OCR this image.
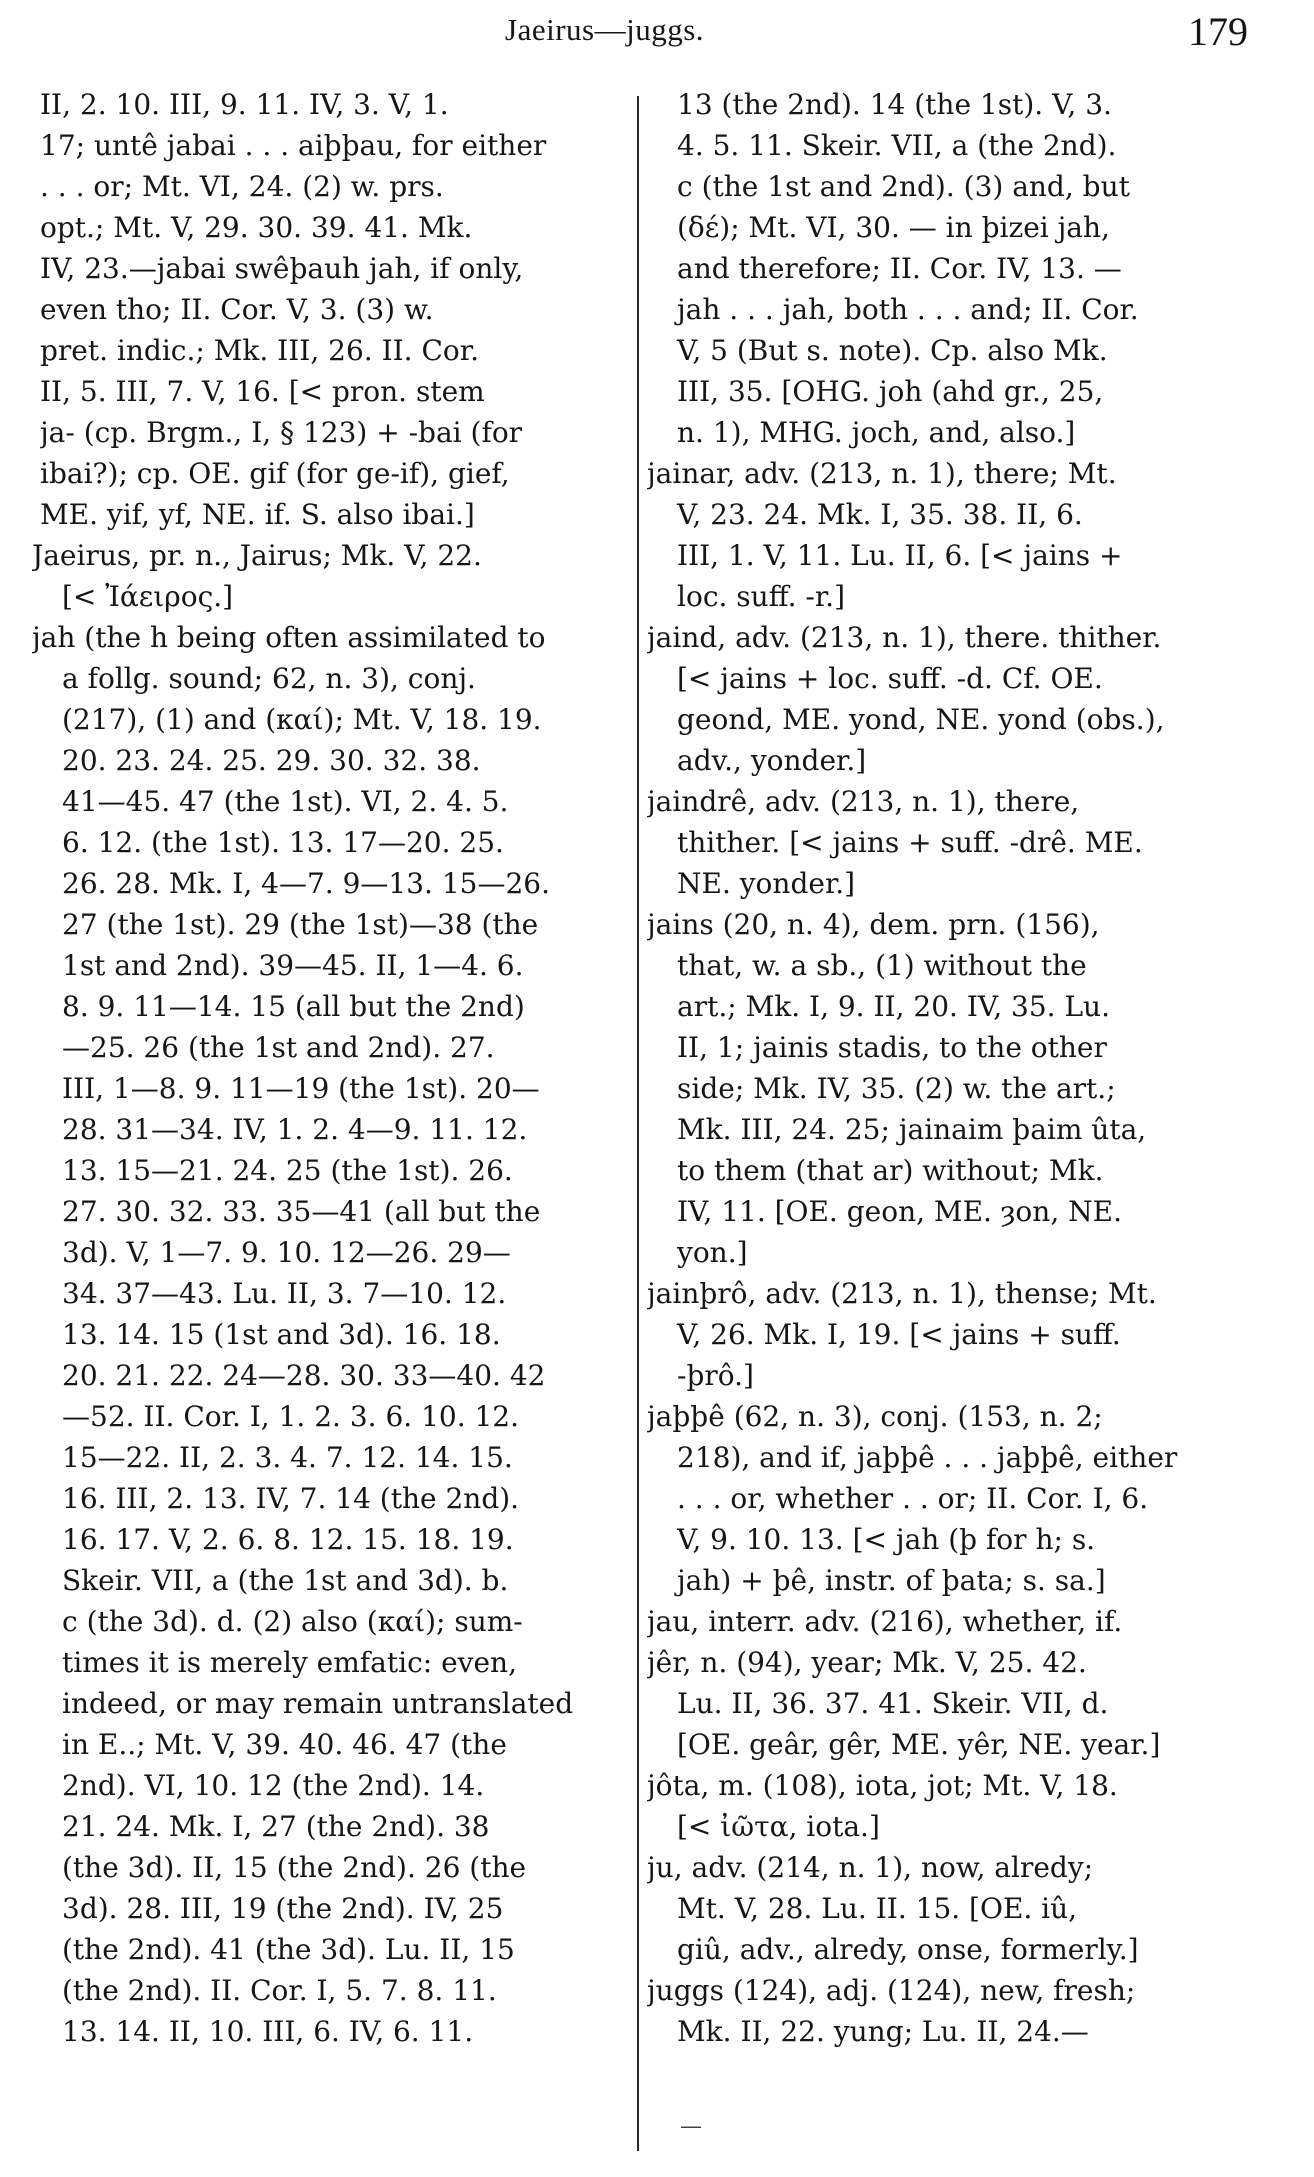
Jaeirus—juggs.	179
II, 2. 10. III, 9. 11. IV, 3. V, 1.
17; untê jabai . . . aiþþau, for either
. . . or; Mt. VI, 24. (2) w. prs.
opt.; Mt. V, 29. 30. 39. 41. Mk.
IV, 23.—jabai swêþauh jah, if only,
even tho; II. Cor. V, 3. (3) w.
pret. indic.; Mk. III, 26. II. Cor.
II, 5. III, 7. V, 16. [< pron. stem
ja- (cp. Brgm., I, § 123) + -bai (for
ibai?); cp. OE. gif (for ge-if), gief,
ME. yif, yf, NE. if. S. also ibai.]
Jaeirus, pr. n., Jairus; Mk. V, 22.
[< Ἰάειρος.]
jah (the h being often assimilated to
a follg. sound; 62, n. 3), conj.
(217), (1) and (καί); Mt. V, 18. 19.
20. 23. 24. 25. 29. 30. 32. 38.
41—45. 47 (the 1st). VI, 2. 4. 5.
6. 12. (the 1st). 13. 17—20. 25.
26. 28. Mk. I, 4—7. 9—13. 15—26.
27 (the 1st). 29 (the 1st)—38 (the
1st and 2nd). 39—45. II, 1—4. 6.
8. 9. 11—14. 15 (all but the 2nd)
—25. 26 (the 1st and 2nd). 27.
III, 1—8. 9. 11—19 (the 1st). 20—
28. 31—34. IV, 1. 2. 4—9. 11. 12.
13. 15—21. 24. 25 (the 1st). 26.
27. 30. 32. 33. 35—41 (all but the
3d). V, 1—7. 9. 10. 12—26. 29—
34. 37—43. Lu. II, 3. 7—10. 12.
13. 14. 15 (1st and 3d). 16. 18.
20. 21. 22. 24—28. 30. 33—40. 42
—52. II. Cor. I, 1. 2. 3. 6. 10. 12.
15—22. II, 2. 3. 4. 7. 12. 14. 15.
16. III, 2. 13. IV, 7. 14 (the 2nd).
16. 17. V, 2. 6. 8. 12. 15. 18. 19.
Skeir. VII, a (the 1st and 3d). b.
c (the 3d). d. (2) also (καί); sum-
times it is merely emfatic: even,
indeed, or may remain untranslated
in E..; Mt. V, 39. 40. 46. 47 (the
2nd). VI, 10. 12 (the 2nd). 14.
21. 24. Mk. I, 27 (the 2nd). 38
(the 3d). II, 15 (the 2nd). 26 (the
3d). 28. III, 19 (the 2nd). IV, 25
(the 2nd). 41 (the 3d). Lu. II, 15
(the 2nd). II. Cor. I, 5. 7. 8. 11.
13. 14. II, 10. III, 6. IV, 6. 11.
13 (the 2nd). 14 (the 1st). V, 3.
4. 5. 11. Skeir. VII, a (the 2nd).
c (the 1st and 2nd). (3) and, but
(δέ); Mt. VI, 30. — in þizei jah,
and therefore; II. Cor. IV, 13. —
jah . . . jah, both . . . and; II. Cor.
V, 5 (But s. note). Cp. also Mk.
III, 35. [OHG. joh (ahd gr., 25,
n. 1), MHG. joch, and, also.]
jainar, adv. (213, n. 1), there; Mt.
V, 23. 24. Mk. I, 35. 38. II, 6.
III, 1. V, 11. Lu. II, 6. [< jains +
loc. suff. -r.]
jaind, adv. (213, n. 1), there. thither.
[< jains + loc. suff. -d. Cf. OE.
geond, ME. yond, NE. yond (obs.),
adv., yonder.]
jaindrê, adv. (213, n. 1), there,
thither. [< jains + suff. -drê. ME.
NE. yonder.]
jains (20, n. 4), dem. prn. (156),
that, w. a sb., (1) without the
art.; Mk. I, 9. II, 20. IV, 35. Lu.
II, 1; jainis stadis, to the other
side; Mk. IV, 35. (2) w. the art.;
Mk. III, 24. 25; jainaim þaim ûta,
to them (that ar) without; Mk.
IV, 11. [OE. geon, ME. ȝon, NE.
yon.]
jainþrô, adv. (213, n. 1), thense; Mt.
V, 26. Mk. I, 19. [< jains + suff.
-þrô.]
jaþþê (62, n. 3), conj. (153, n. 2;
218), and if, jaþþê . . . jaþþê, either
. . . or, whether . . or; II. Cor. I, 6.
V, 9. 10. 13. [< jah (þ for h; s.
jah) + þê, instr. of þata; s. sa.]
jau, interr. adv. (216), whether, if.
jêr, n. (94), year; Mk. V, 25. 42.
Lu. II, 36. 37. 41. Skeir. VII, d.
[OE. geâr, gêr, ME. yêr, NE. year.]
jôta, m. (108), iota, jot; Mt. V, 18.
[< ἰῶτα, iota.]
ju, adv. (214, n. 1), now, alredy;
Mt. V, 28. Lu. II. 15. [OE. iû,
giû, adv., alredy, onse, formerly.]
juggs (124), adj. (124), new, fresh;
Mk. II, 22. yung; Lu. II, 24.—
—
